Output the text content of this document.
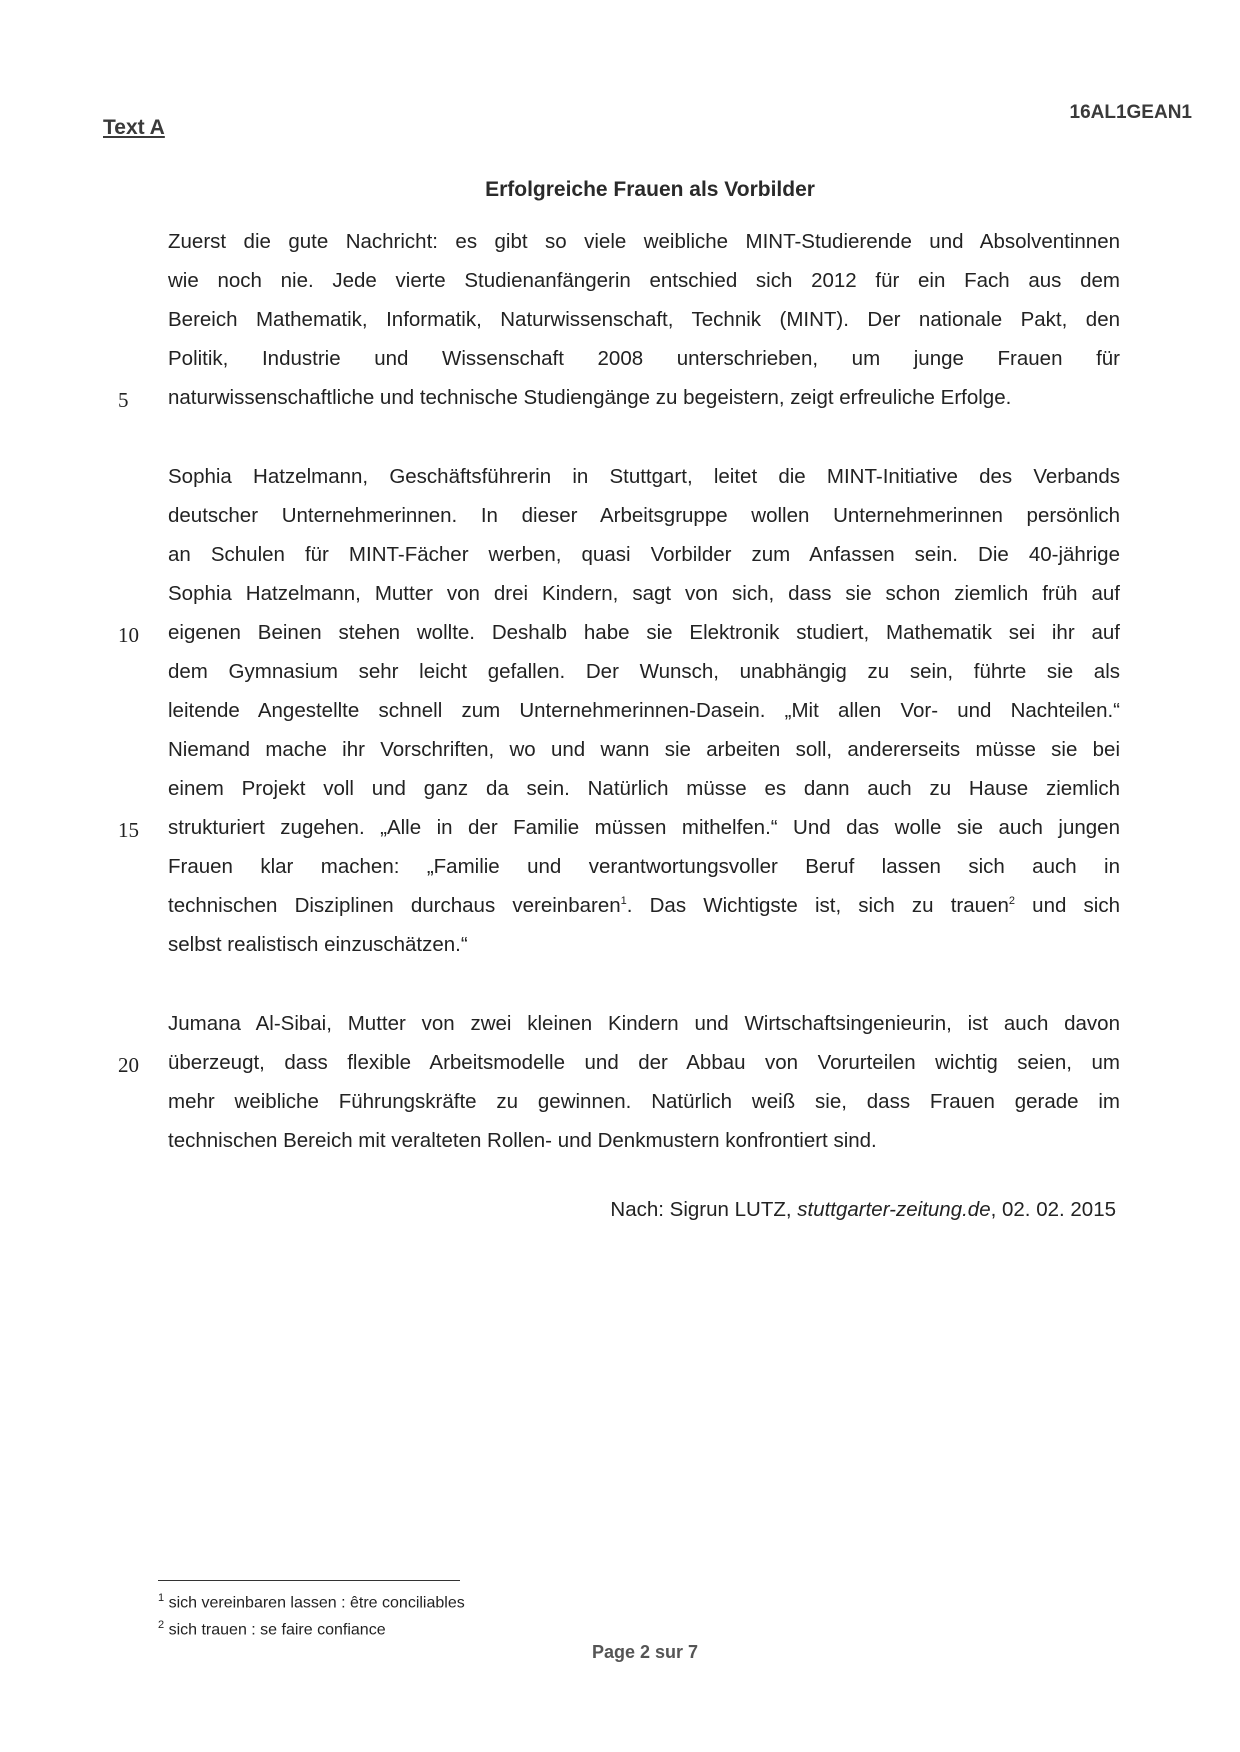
Text A
16AL1GEAN1
Erfolgreiche Frauen als Vorbilder
Zuerst die gute Nachricht: es gibt so viele weibliche MINT-Studierende und Absolventinnen
wie noch nie. Jede vierte Studienanfängerin entschied sich 2012 für ein Fach aus dem
Bereich Mathematik, Informatik, Naturwissenschaft, Technik (MINT). Der nationale Pakt, den
Politik, Industrie und Wissenschaft 2008 unterschrieben, um junge Frauen für
naturwissenschaftliche und technische Studiengänge zu begeistern, zeigt erfreuliche Erfolge.
Sophia Hatzelmann, Geschäftsführerin in Stuttgart, leitet die MINT-Initiative des Verbands
deutscher Unternehmerinnen. In dieser Arbeitsgruppe wollen Unternehmerinnen persönlich
an Schulen für MINT-Fächer werben, quasi Vorbilder zum Anfassen sein. Die 40-jährige
Sophia Hatzelmann, Mutter von drei Kindern, sagt von sich, dass sie schon ziemlich früh auf
eigenen Beinen stehen wollte. Deshalb habe sie Elektronik studiert, Mathematik sei ihr auf
dem Gymnasium sehr leicht gefallen. Der Wunsch, unabhängig zu sein, führte sie als
leitende Angestellte schnell zum Unternehmerinnen-Dasein. „Mit allen Vor- und Nachteilen.“
Niemand mache ihr Vorschriften, wo und wann sie arbeiten soll, andererseits müsse sie bei
einem Projekt voll und ganz da sein. Natürlich müsse es dann auch zu Hause ziemlich
strukturiert zugehen. „Alle in der Familie müssen mithelfen.“ Und das wolle sie auch jungen
Frauen klar machen: „Familie und verantwortungsvoller Beruf lassen sich auch in
technischen Disziplinen durchaus vereinbaren$^1$. Das Wichtigste ist, sich zu trauen$^2$ und sich
selbst realistisch einzuschätzen.“
Jumana Al-Sibai, Mutter von zwei kleinen Kindern und Wirtschaftsingenieurin, ist auch davon
überzeugt, dass flexible Arbeitsmodelle und der Abbau von Vorurteilen wichtig seien, um
mehr weibliche Führungskräfte zu gewinnen. Natürlich weiß sie, dass Frauen gerade im
technischen Bereich mit veralteten Rollen- und Denkmustern konfrontiert sind.
5
10
15
20
Nach: Sigrun LUTZ, stuttgarter-zeitung.de, 02. 02. 2015
$^1$ sich vereinbaren lassen : être conciliables
$^2$ sich trauen : se faire confiance
Page 2 sur 7
